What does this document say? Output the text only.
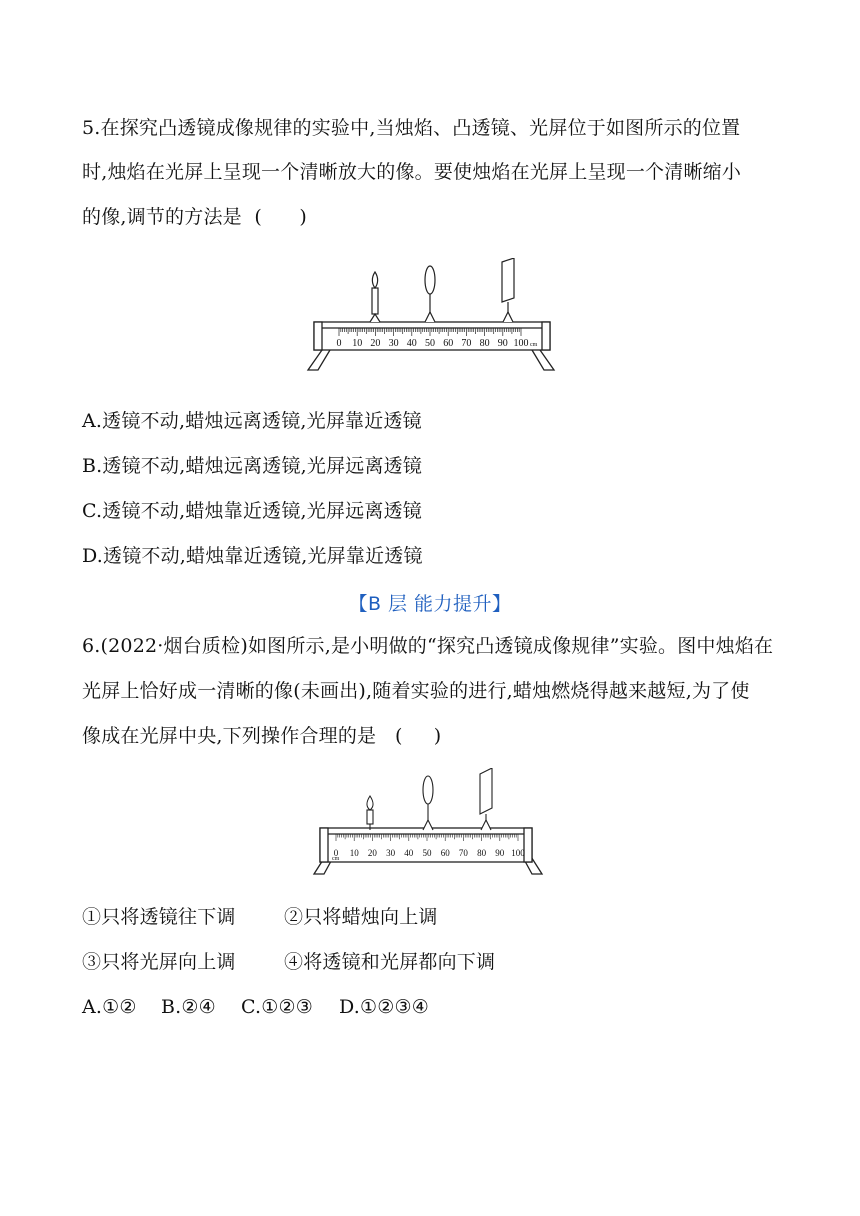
5.在探究凸透镜成像规律的实验中,当烛焰、凸透镜、光屏位于如图所示的位置
时,烛焰在光屏上呈现一个清晰放大的像。要使烛焰在光屏上呈现一个清晰缩小
的像,调节的方法是  (      )
0 10 20 30 40 50 60 70 80 90 100 cm
A.透镜不动,蜡烛远离透镜,光屏靠近透镜
B.透镜不动,蜡烛远离透镜,光屏远离透镜
C.透镜不动,蜡烛靠近透镜,光屏远离透镜
D.透镜不动,蜡烛靠近透镜,光屏靠近透镜
【B 层 能力提升】
6.(2022·烟台质检)如图所示,是小明做的“探究凸透镜成像规律”实验。图中烛焰在
光屏上恰好成一清晰的像(未画出),随着实验的进行,蜡烛燃烧得越来越短,为了使
像成在光屏中央,下列操作合理的是   (     )
0 10 20 30 40 50 60 70 80 90 100
cm
①只将透镜往下调	②只将蜡烛向上调
③只将光屏向上调	④将透镜和光屏都向下调
A.①② B.②④ C.①②③ D.①②③④
